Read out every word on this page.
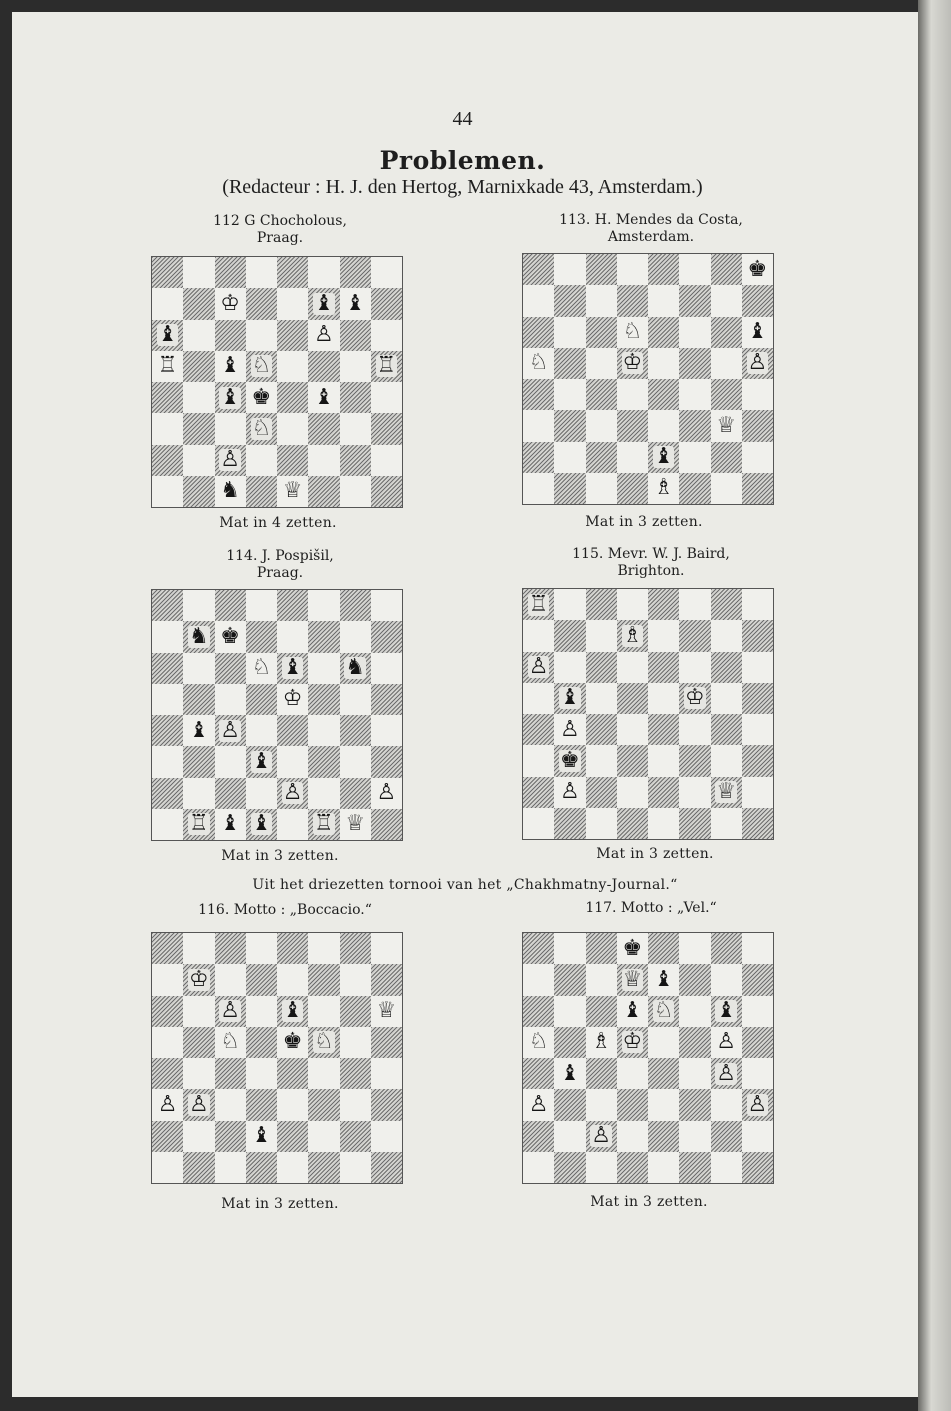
44
Problemen.
(Redacteur : H. J. den Hertog, Marnixkade 43, Amsterdam.)
112 G Chocholous,
Praag.
♔	♝ ♝
♝	♙
♖ ♝ ♘	♖
♝ ♚ ♝
♘
♙
♞ ♕
Mat in 4 zetten.
113. H. Mendes da Costa,
Amsterdam.
♚
♘	♝
♘	♔	♙
♕
♝
♗
Mat in 3 zetten.
114. J. Pospišil,
Praag.
♞ ♚
♘ ♝ ♞
♔
♝ ♙
♝
♙	♙
♖ ♝ ♝ ♖ ♕
Mat in 3 zetten.
115. Mevr. W. J. Baird,
Brighton.
♖
♗
♙
♝	♔
♙
♚
♙	♕
Mat in 3 zetten.
Uit het driezetten tornooi van het „Chakhmatny-Journal.“
116. Motto : „Boccacio.“
♔
♙ ♝	♕
♘ ♚ ♘
♙ ♙
♝
Mat in 3 zetten.
117. Motto : „Vel.“
♚
♕ ♝
♝ ♘ ♝
♘ ♗ ♔	♙
♝	♙
♙	♙
♙
Mat in 3 zetten.
